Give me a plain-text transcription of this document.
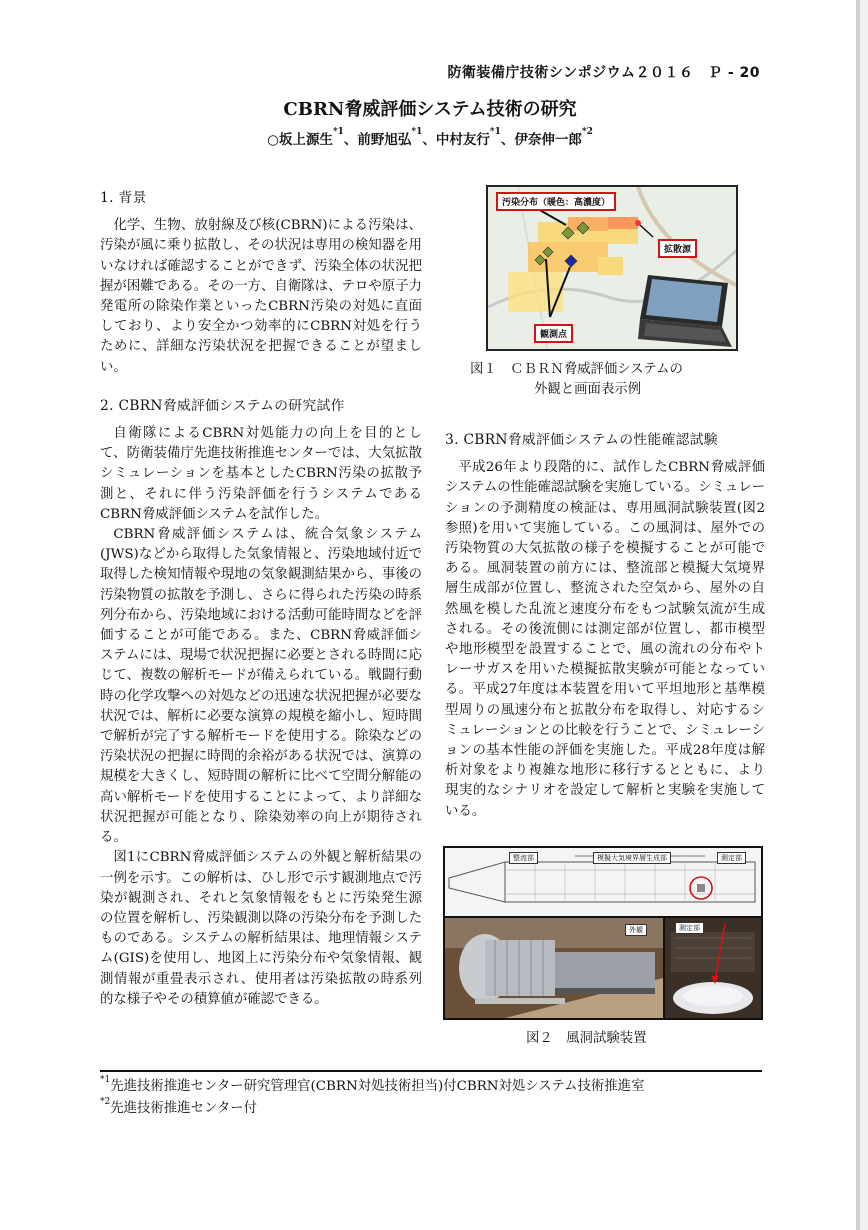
防衛装備庁技術シンポジウム２０１６　Ｐ - 20
CBRN脅威評価システム技術の研究
○坂上源生$^{*1}$、前野旭弘$^{*1}$、中村友行$^{*1}$、伊奈伸一郎$^{*2}$
1. 背景

化学、生物、放射線及び核(CBRN)による汚染は、汚染が風に乗り拡散し、その状況は専用の検知器を用いなければ確認することができず、汚染全体の状況把握が困難である。その一方、自衛隊は、テロや原子力発電所の除染作業といったCBRN汚染の対処に直面しており、より安全かつ効率的にCBRN対処を行うために、詳細な汚染状況を把握できることが望ましい。

2. CBRN脅威評価システムの研究試作

自衛隊によるCBRN対処能力の向上を目的として、防衛装備庁先進技術推進センターでは、大気拡散シミュレーションを基本としたCBRN汚染の拡散予測と、それに伴う汚染評価を行うシステムであるCBRN脅威評価システムを試作した。

CBRN脅威評価システムは、統合気象システム(JWS)などから取得した気象情報と、汚染地域付近で取得した検知情報や現地の気象観測結果から、事後の汚染物質の拡散を予測し、さらに得られた汚染の時系列分布から、汚染地域における活動可能時間などを評価することが可能である。また、CBRN脅威評価システムには、現場で状況把握に必要とされる時間に応じて、複数の解析モードが備えられている。戦闘行動時の化学攻撃への対処などの迅速な状況把握が必要な状況では、解析に必要な演算の規模を縮小し、短時間で解析が完了する解析モードを使用する。除染などの汚染状況の把握に時間的余裕がある状況では、演算の規模を大きくし、短時間の解析に比べて空間分解能の高い解析モードを使用することによって、より詳細な状況把握が可能となり、除染効率の向上が期待される。

図1にCBRN脅威評価システムの外観と解析結果の一例を示す。この解析は、ひし形で示す観測地点で汚染が観測され、それと気象情報をもとに汚染発生源の位置を解析し、汚染観測以降の汚染分布を予測したものである。システムの解析結果は、地理情報システム(GIS)を使用し、地図上に汚染分布や気象情報、観測情報が重畳表示され、使用者は汚染拡散の時系列的な様子やその積算値が確認できる。

汚染分布（暖色：高濃度）
拡散源
観測点
図１　ＣＢＲＮ脅威評価システムの
外観と画面表示例
3. CBRN脅威評価システムの性能確認試験

平成26年より段階的に、試作したCBRN脅威評価システムの性能確認試験を実施している。シミュレーションの予測精度の検証は、専用風洞試験装置(図2参照)を用いて実施している。この風洞は、屋外での汚染物質の大気拡散の様子を模擬することが可能である。風洞装置の前方には、整流部と模擬大気境界層生成部が位置し、整流された空気から、屋外の自然風を模した乱流と速度分布をもつ試験気流が生成される。その後流側には測定部が位置し、都市模型や地形模型を設置することで、風の流れの分布やトレーサガスを用いた模擬拡散実験が可能となっている。平成27年度は本装置を用いて平坦地形と基準模型周りの風速分布と拡散分布を取得し、対応するシミュレーションとの比較を行うことで、シミュレーションの基本性能の評価を実施した。平成28年度は解析対象をより複雑な地形に移行するとともに、より現実的なシナリオを設定して解析と実験を実施している。

整流部	模擬大気境界層生成部	測定部
外観	測定部
図２　風洞試験装置
$^{*1}$先進技術推進センター研究管理官(CBRN対処技術担当)付CBRN対処システム技術推進室
$^{*2}$先進技術推進センター付
